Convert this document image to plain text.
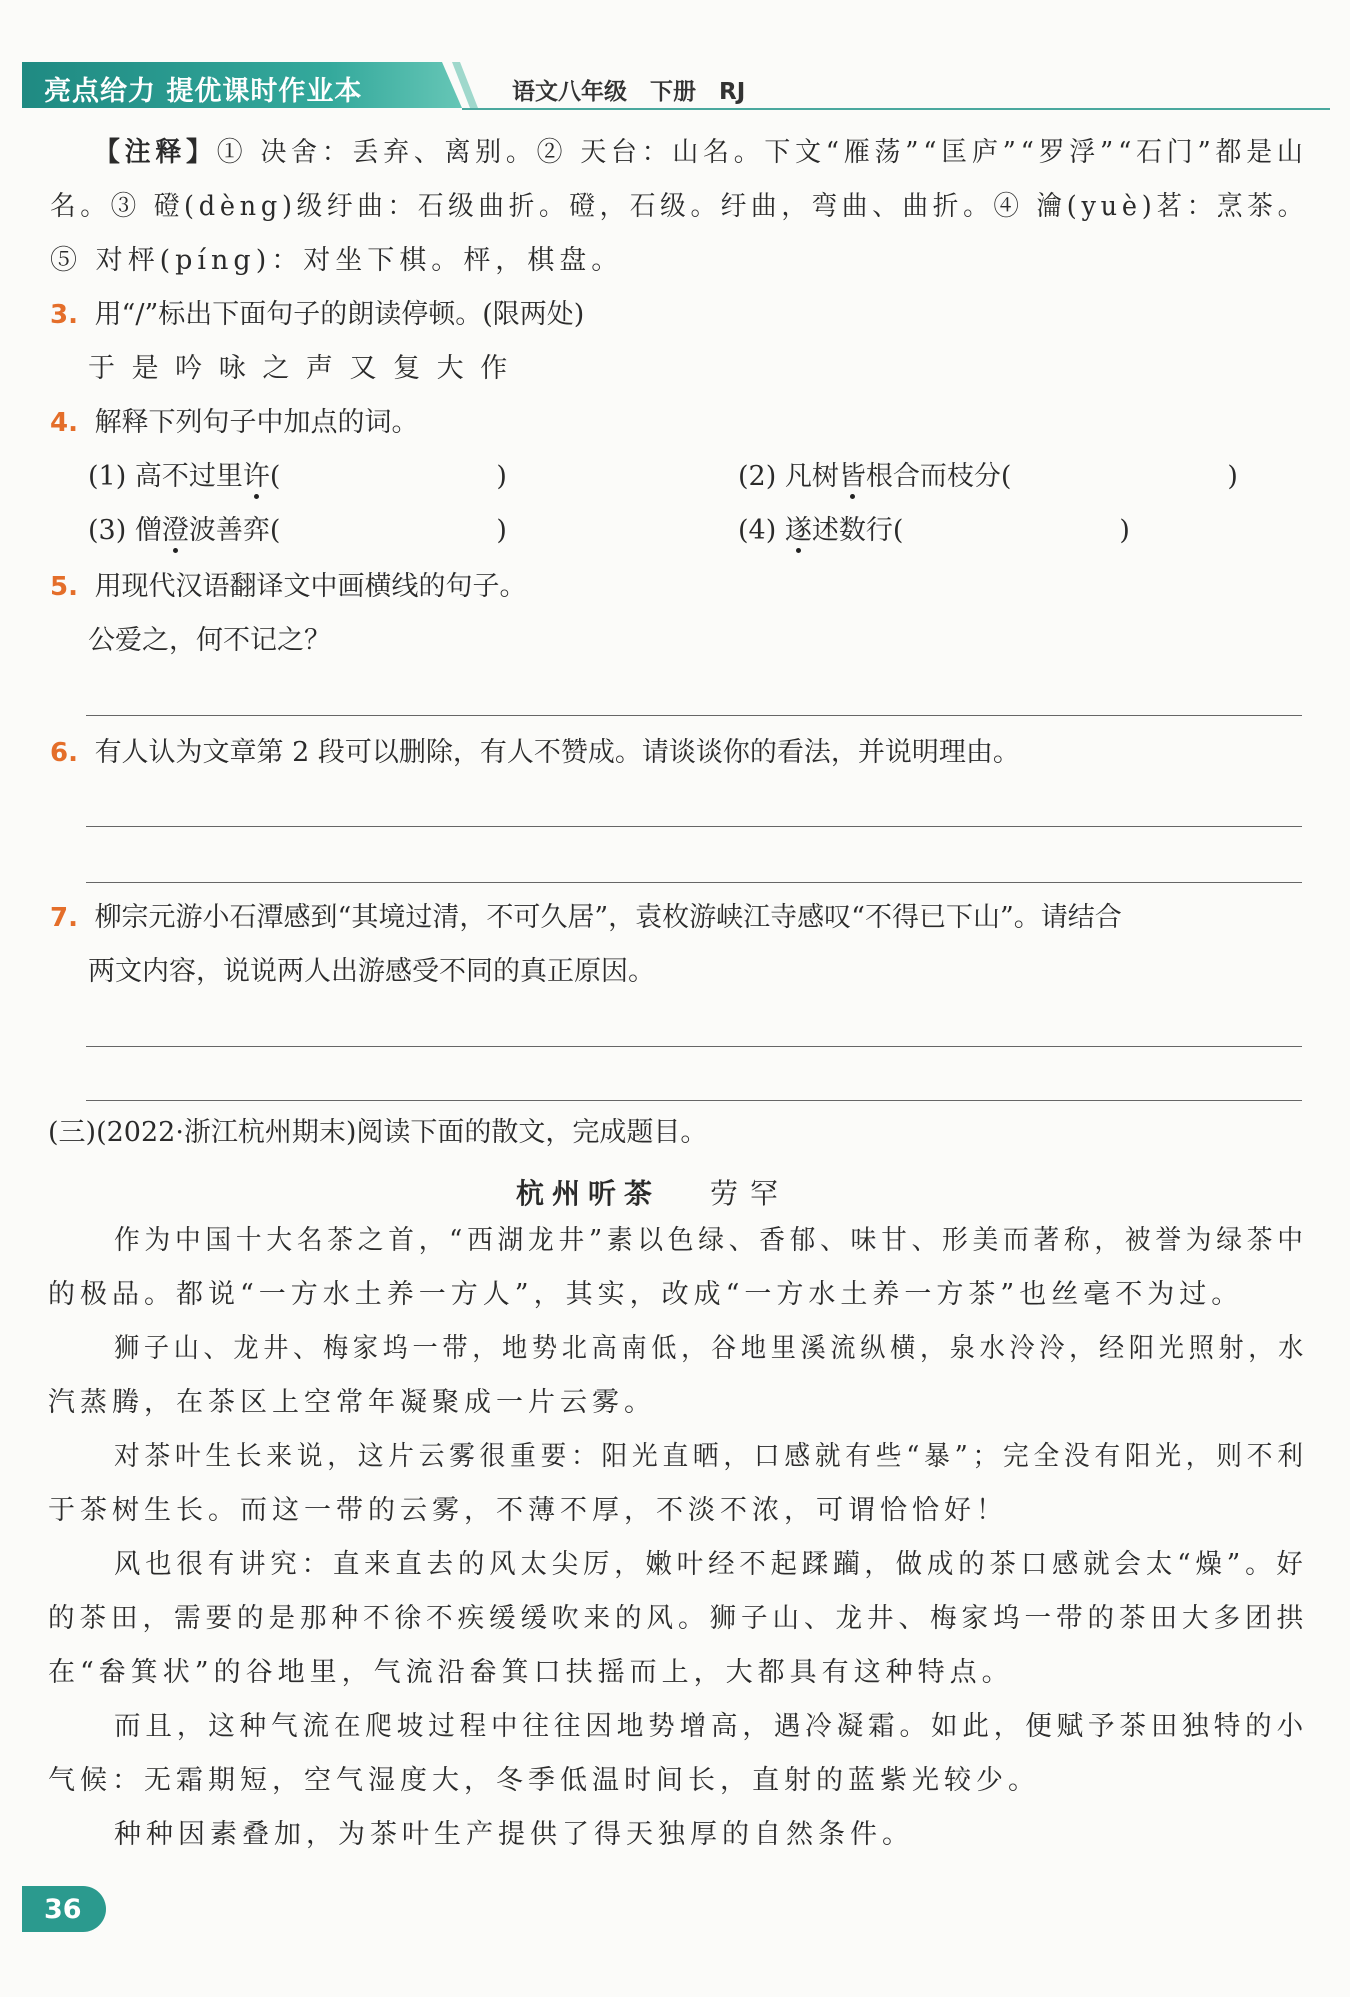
亮点给力 提优课时作业本	语文八年级　下册　RJ
【注释】① 决舍：丢弃、离别。② 天台：山名。下文“雁荡”“匡庐”“罗浮”“石门”都是山
名。③ 磴(dèng)级纡曲：石级曲折。磴，石级。纡曲，弯曲、曲折。④ 瀹(yuè)茗：烹茶。
⑤ 对枰(píng)：对坐下棋。枰，棋盘。
3. 用“/”标出下面句子的朗读停顿。(限两处)
于 是 吟 咏 之 声 又 复 大 作
4. 解释下列句子中加点的词。
(1) 高不过里许(　　　　　　　　)	(2) 凡树皆根合而枝分(　　　　　　　　)
(3) 僧澄波善弈(　　　　　　　　)	(4) 遂述数行(　　　　　　　　)
5. 用现代汉语翻译文中画横线的句子。
公爱之，何不记之？
6. 有人认为文章第 2 段可以删除，有人不赞成。请谈谈你的看法，并说明理由。
7. 柳宗元游小石潭感到“其境过清，不可久居”，袁枚游峡江寺感叹“不得已下山”。请结合
两文内容，说说两人出游感受不同的真正原因。
(三)(2022·浙江杭州期末)阅读下面的散文，完成题目。
杭州听茶 劳罕
作为中国十大名茶之首，“西湖龙井”素以色绿、香郁、味甘、形美而著称，被誉为绿茶中
的极品。都说“一方水土养一方人”，其实，改成“一方水土养一方茶”也丝毫不为过。
狮子山、龙井、梅家坞一带，地势北高南低，谷地里溪流纵横，泉水泠泠，经阳光照射，水
汽蒸腾，在茶区上空常年凝聚成一片云雾。
对茶叶生长来说，这片云雾很重要：阳光直晒，口感就有些“暴”；完全没有阳光，则不利
于茶树生长。而这一带的云雾，不薄不厚，不淡不浓，可谓恰恰好！
风也很有讲究：直来直去的风太尖厉，嫩叶经不起蹂躏，做成的茶口感就会太“燥”。好
的茶田，需要的是那种不徐不疾缓缓吹来的风。狮子山、龙井、梅家坞一带的茶田大多团拱
在“畚箕状”的谷地里，气流沿畚箕口扶摇而上，大都具有这种特点。
而且，这种气流在爬坡过程中往往因地势增高，遇冷凝霜。如此，便赋予茶田独特的小
气候：无霜期短，空气湿度大，冬季低温时间长，直射的蓝紫光较少。
种种因素叠加，为茶叶生产提供了得天独厚的自然条件。
36
